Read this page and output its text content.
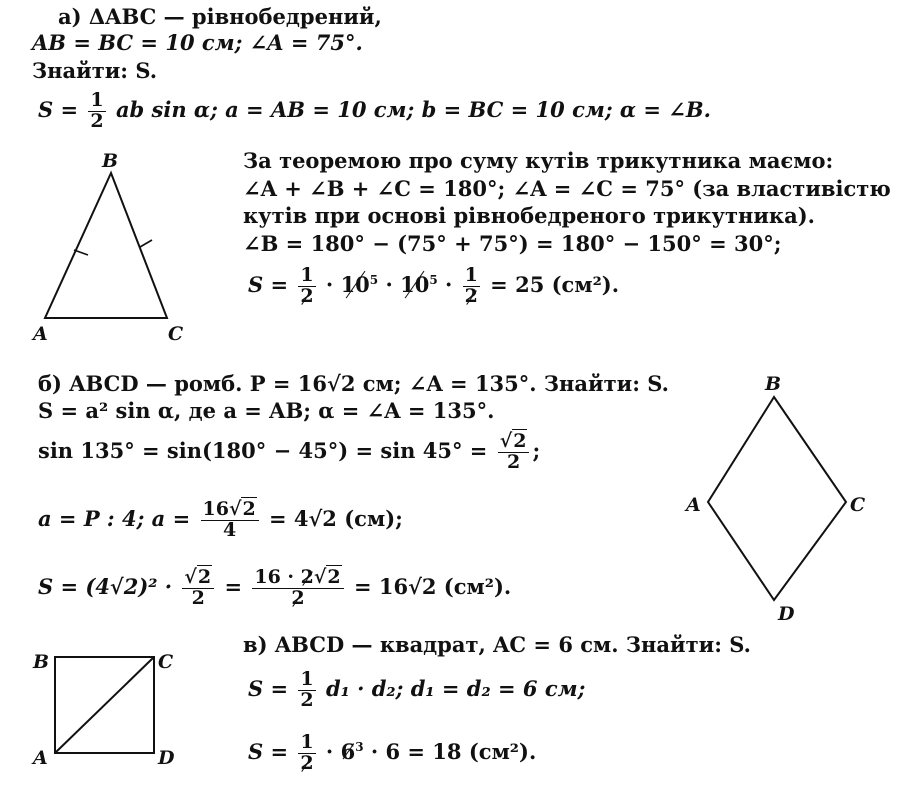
а) ΔABC — рівнобедрений,
AB = BC = 10 см; ∠A = 75°.
Знайти: S.
$S = \frac{1}{2}$ ab sin α; a = AB = 10 см; b = BC = 10 см; α = ∠B.
B
A	C
За теоремою про суму кутів трикутника маємо:
∠A + ∠B + ∠C = 180°; ∠A = ∠C = 75° (за властивістю
кутів при основі рівнобедреного трикутника).
∠B = 180° − (75° + 75°) = 180° − 150° = 30°;
$S = \frac{1}{2} \cdot 10^5 \cdot 10^5 \cdot \frac{1}{2} = 25$ (см²).
б) ABCD — ромб. P = 16√2 см; ∠A = 135°. Знайти: S.
S = a² sin α, де a = AB; α = ∠A = 135°.
$\sin 135^\circ = \sin(180^\circ - 45^\circ) = \sin 45^\circ = \frac{√2}{2}$ ;
a = P : 4; $a = \frac{16√2}{4} = 4√2$ (см);
$S = (4√2)^2 \cdot \frac{√2}{2} = \frac{16 \cdot 2√2}{2} = 16√2$ (см²).
B
A	C
D
в) ABCD — квадрат, AC = 6 см. Знайти: S.
$S = \frac{1}{2} d_1 \cdot d_2$; d₁ = d₂ = 6 см;
$S = \frac{1}{2} \cdot 6^3 \cdot 6 = 18$ (см²).
B	C
A	D
